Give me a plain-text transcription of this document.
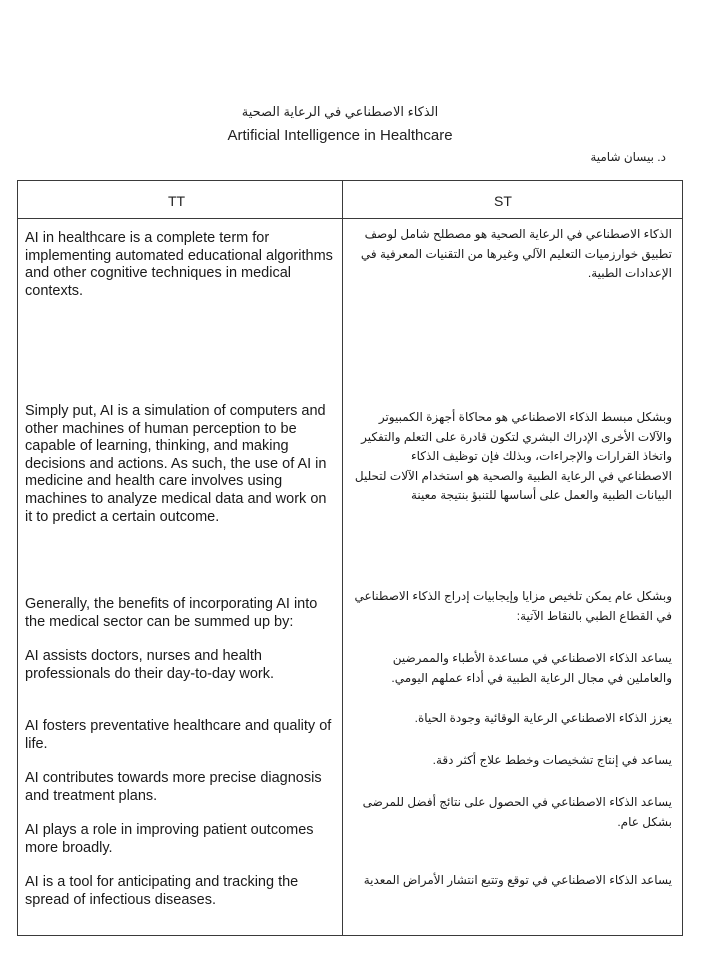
الذكاء الاصطناعي في الرعاية الصحية
Artificial Intelligence in Healthcare
د. بيسان شامية
TT	ST
AI in healthcare is a complete term for implementing automated educational algorithms and other cognitive techniques in medical contexts.
الذكاء الاصطناعي في الرعاية الصحية هو مصطلح شامل لوصف تطبيق خوارزميات التعليم الآلي وغيرها من التقنيات المعرفية في الإعدادات الطبية.
Simply put, AI is a simulation of computers and other machines of human perception to be capable of learning, thinking, and making decisions and actions. As such, the use of AI in medicine and health care involves using machines to analyze medical data and work on it to predict a certain outcome.
وبشكل مبسط الذكاء الاصطناعي هو محاكاة أجهزة الكمبيوتر والآلات الأخرى الإدراك البشري لتكون قادرة على التعلم والتفكير واتخاذ القرارات والإجراءات، وبذلك فإن توظيف الذكاء الاصطناعي في الرعاية الطبية والصحية هو استخدام الآلات لتحليل البيانات الطبية والعمل على أساسها للتنبؤ بنتيجة معينة
Generally, the benefits of incorporating AI into the medical sector can be summed up by:
وبشكل عام يمكن تلخيص مزايا وإيجابيات إدراج الذكاء الاصطناعي في القطاع الطبي بالنقاط الآتية:
AI assists doctors, nurses and health professionals do their day-to-day work.
يساعد الذكاء الاصطناعي في مساعدة الأطباء والممرضين والعاملين في مجال الرعاية الطبية في أداء عملهم اليومي.
AI fosters preventative healthcare and quality of life.
يعزز الذكاء الاصطناعي الرعاية الوقائية وجودة الحياة.
AI contributes towards more precise diagnosis and treatment plans.
يساعد في إنتاج تشخيصات وخطط علاج أكثر دقة.
AI plays a role in improving patient outcomes more broadly.
يساعد الذكاء الاصطناعي في الحصول على نتائج أفضل للمرضى بشكل عام.
AI is a tool for anticipating and tracking the spread of infectious diseases.
يساعد الذكاء الاصطناعي في توقع وتتبع انتشار الأمراض المعدية
